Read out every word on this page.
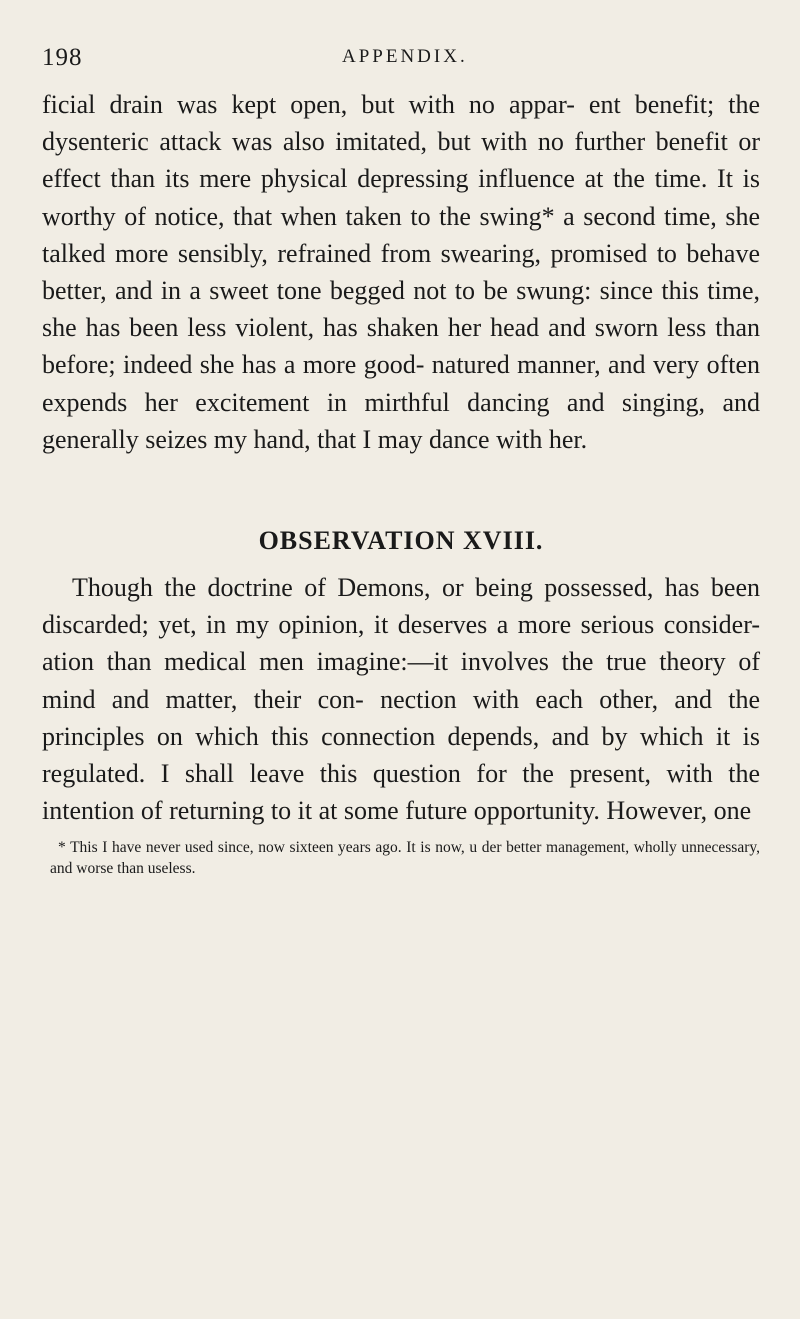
198	APPENDIX.

ficial drain was kept open, but with no appar- ent benefit; the dysenteric attack was also imitated, but with no further benefit or effect than its mere physical depressing influence at the time. It is worthy of notice, that when taken to the swing* a second time, she talked more sensibly, refrained from swearing, promised to behave better, and in a sweet tone begged not to be swung: since this time, she has been less violent, has shaken her head and sworn less than before; indeed she has a more good- natured manner, and very often expends her excitement in mirthful dancing and singing, and generally seizes my hand, that I may dance with her.

OBSERVATION XVIII.

Though the doctrine of Demons, or being possessed, has been discarded; yet, in my opinion, it deserves a more serious consider- ation than medical men imagine:—it involves the true theory of mind and matter, their con- nection with each other, and the principles on which this connection depends, and by which it is regulated. I shall leave this question for the present, with the intention of returning to it at some future opportunity. However, one

* This I have never used since, now sixteen years ago. It is now, u der better management, wholly unnecessary, and worse than useless.
